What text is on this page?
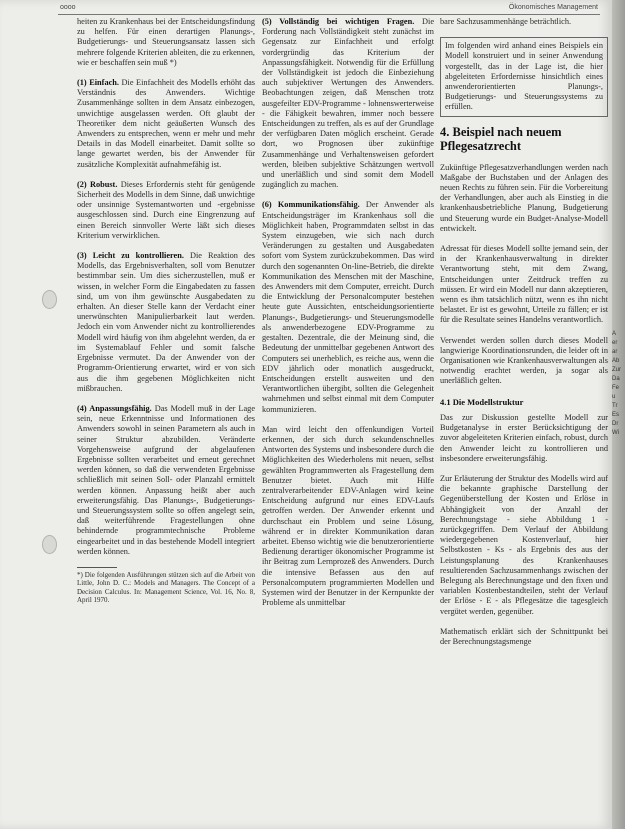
oooo	Ökonomisches Management

heiten zu Krankenhaus bei der Entscheidungsfindung zu helfen. Für einen derartigen Planungs-, Budgetierungs- und Steuerungsansatz lassen sich mehrere folgende Kriterien ableiten, die zu erkennen, wie er beschaffen sein muß *)

(1) Einfach. Die Einfachheit des Modells erhöht das Verständnis des Anwenders. Wichtige Zusammenhänge sollten in dem Ansatz einbezogen, unwichtige ausgelassen werden. Oft glaubt der Theoretiker dem nicht geäußerten Wunsch des Anwenders zu entsprechen, wenn er mehr und mehr Details in das Modell einarbeitet. Damit sollte so lange gewartet werden, bis der Anwender für zusätzliche Komplexität aufnahmefähig ist.

(2) Robust. Dieses Erfordernis steht für genügende Sicherheit des Modells in dem Sinne, daß unwichtige oder unsinnige Systemantworten und -ergebnisse ausgeschlossen sind. Durch eine Eingrenzung auf einen Bereich sinnvoller Werte läßt sich dieses Kriterium verwirklichen.

(3) Leicht zu kontrollieren. Die Reaktion des Modells, das Ergebnisverhalten, soll vom Benutzer bestimmbar sein. Um dies sicherzustellen, muß er wissen, in welcher Form die Eingabedaten zu fassen sind, um von ihm gewünschte Ausgabedaten zu erhalten. An dieser Stelle kann der Verdacht einer unerwünschten Manipulierbarkeit laut werden. Jedoch ein vom Anwender nicht zu kontrollierendes Modell wird häufig von ihm abgelehnt werden, da er im Systemablauf Fehler und somit falsche Ergebnisse vermutet. Da der Anwender von der Programm-Orientierung erwartet, wird er von sich aus die ihm gegebenen Möglichkeiten nicht mißbrauchen.

(4) Anpassungsfähig. Das Modell muß in der Lage sein, neue Erkenntnisse und Informationen des Anwenders sowohl in seinen Parametern als auch in seiner Struktur abzubilden. Veränderte Vorgehensweise aufgrund der abgelaufenen Ergebnisse sollten verarbeitet und erneut gerechnet werden können, so daß die verwendeten Ergebnisse schließlich mit seinen Soll- oder Planzahl ermittelt werden können. Anpassung heißt aber auch erweiterungsfähig. Das Planungs-, Budgetierungs- und Steuerungssystem sollte so offen angelegt sein, daß weiterführende Fragestellungen ohne behindernde programmtechnische Probleme eingearbeitet und in das bestehende Modell integriert werden können.

*) Die folgenden Ausführungen stützen sich auf die Arbeit von Little, John D. C.: Models and Managers. The Concept of a Decision Calculus. In: Management Science, Vol. 16, No. 8, April 1970.

(5) Vollständig bei wichtigen Fragen. Die Forderung nach Vollständigkeit steht zunächst im Gegensatz zur Einfachheit und erfolgt vordergründig das Kriterium der Anpassungsfähigkeit. Notwendig für die Erfüllung der Vollständigkeit ist jedoch die Einbeziehung auch subjektiver Wertungen des Anwenders. Beobachtungen zeigen, daß Menschen trotz ausgefeilter EDV-Programme - lohnenswerterweise - die Fähigkeit bewahren, immer noch bessere Entscheidungen zu treffen, als es auf der Grundlage der verfügbaren Daten möglich erscheint. Gerade dort, wo Prognosen über zukünftige Zusammenhänge und Verhaltensweisen gefordert werden, bleiben subjektive Schätzungen wertvoll und unerläßlich und sind somit dem Modell zugänglich zu machen.

(6) Kommunikationsfähig. Der Anwender als Entscheidungsträger im Krankenhaus soll die Möglichkeit haben, Programmdaten selbst in das System einzugeben, wie sich nach durch Veränderungen zu gestalten und Ausgabedaten sofort vom System zurückzubekommen. Das wird durch den sogenannten On-line-Betrieb, die direkte Kommunikation des Menschen mit der Maschine, des Anwenders mit dem Computer, erreicht. Durch die Entwicklung der Personalcomputer bestehen heute gute Aussichten, entscheidungsorientierte Planungs-, Budgetierungs- und Steuerungsmodelle als anwenderbezogene EDV-Programme zu gestalten. Dezentrale, die der Meinung sind, die Bedeutung der unmittelbar gegebenen Antwort des Computers sei unerheblich, es reiche aus, wenn die EDV jährlich oder monatlich ausgedruckt, Entscheidungen erstellt ausweiten und den Verantwortlichen übergibt, sollten die Gelegenheit wahrnehmen und selbst einmal mit dem Computer kommunizieren.

Man wird leicht den offenkundigen Vorteil erkennen, der sich durch sekundenschnelles Antworten des Systems und insbesondere durch die Möglichkeiten des Wiederholens mit neuen, selbst gewählten Programmwerten als Fragestellung dem Benutzer bietet. Auch mit Hilfe zentralverarbeitender EDV-Anlagen wird keine Entscheidung aufgrund nur eines EDV-Laufs getroffen werden. Der Anwender erkennt und durchschaut ein Problem und seine Lösung, während er in direkter Kommunikation daran arbeitet. Ebenso wichtig wie die benutzerorientierte Bedienung derartiger ökonomischer Programme ist ihr Beitrag zum Lernprozeß des Anwenders. Durch die intensive Befassen aus den auf Personalcomputern programmierten Modellen und Systemen wird der Benutzer in der Kernpunkte der Probleme als unmittelbar

bare Sachzusammenhänge beträchtlich.

Im folgenden wird anhand eines Beispiels ein Modell konstruiert und in seiner Anwendung vorgestellt, das in der Lage ist, die hier abgeleiteten Erfordernisse hinsichtlich eines anwenderorientierten Planungs-, Budgetierungs- und Steuerungssystems zu erfüllen.
4. Beispiel nach neuem Pflegesatzrecht

Zukünftige Pflegesatzverhandlungen werden nach Maßgabe der Buchstaben und der Anlagen des neuen Rechts zu führen sein. Für die Vorbereitung der Verhandlungen, aber auch als Einstieg in die krankenhausbetriebliche Planung, Budgetierung und Steuerung wurde ein Budget-Analyse-Modell entwickelt.

Adressat für dieses Modell sollte jemand sein, der in der Krankenhausverwaltung in direkter Verantwortung steht, mit dem Zwang, Entscheidungen unter Zeitdruck treffen zu müssen. Er wird ein Modell nur dann akzeptieren, wenn es ihm tatsächlich nützt, wenn es ihn nicht belastet. Er ist es gewohnt, Urteile zu fällen; er ist für die Resultate seines Handelns verantwortlich.

Verwendet werden sollen durch dieses Modell langwierige Koordinationsrunden, die leider oft in Organisationen wie Krankenhausverwaltungen als notwendig erachtet werden, ja sogar als unerläßlich gelten.

4.1 Die Modellstruktur

Das zur Diskussion gestellte Modell zur Budgetanalyse in erster Berücksichtigung der zuvor abgeleiteten Kriterien einfach, robust, durch den Anwender leicht zu kontrollieren und insbesondere erweiterungsfähig.

Zur Erläuterung der Struktur des Modells wird auf die bekannte graphische Darstellung der Gegenüberstellung der Kosten und Erlöse in Abhängigkeit von der Anzahl der Berechnungstage - siehe Abbildung 1 - zurückgegriffen. Dem Verlauf der Abbildung wiedergegebenen Kostenverlauf, hier Selbstkosten - Ks - als Ergebnis des aus der Leistungsplanung des Krankenhauses resultierenden Sachzusammenhangs zwischen der Belegung als Berechnungstage und den fixen und variablen Kostenbestandteilen, steht der Verlauf der Erlöse - E - als Pflegesätze die tagesgleich vergütet werden, gegenüber.

Mathematisch erklärt sich der Schnittpunkt bei der Berechnungstagsmenge

A
er
ar
Ab
Zur
Da
Fe
u
Tr
Es
Dr
Wi
